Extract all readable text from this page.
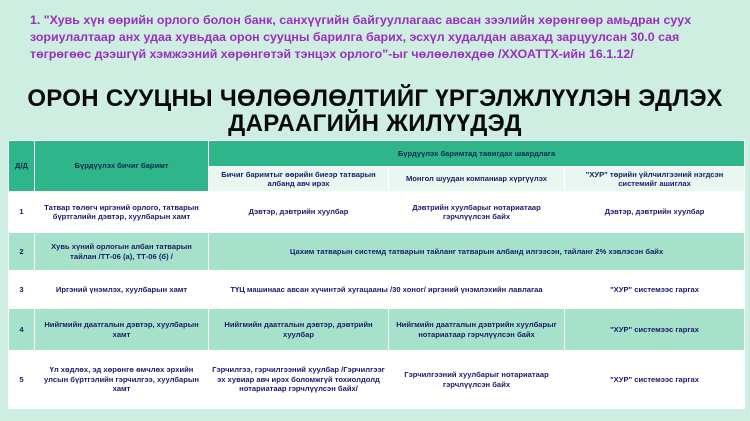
1. "Хувь хүн өөрийн орлого болон банк, санхүүгийн байгууллагаас авсан зээлийн хөрөнгөөр амьдран суух зориулалтаар анх удаа хувьдаа орон сууцны барилга барих, эсхүл худалдан авахад зарцуулсан 30.0 сая төгрөгөөс дээшгүй хэмжээний хөрөнгөтэй тэнцэх орлого"-ыг чөлөөлөхдөө /ХХОАТТХ-ийн 16.1.12/
ОРОН СУУЦНЫ ЧӨЛӨӨЛӨЛТИЙГ ҮРГЭЛЖЛҮҮЛЭН ЭДЛЭХ
ДАРААГИЙН ЖИЛҮҮДЭД
Д/Д	Бүрдүүлэх бичиг баримт	Бүрдүүлэх баримтад тавигдах шаардлага		
		Бичиг баримтыг өөрийн биеэр татварын албанд авч ирэх	Монгол шуудан компаниар хүргүүлэх	"ХУР" төрийн үйлчилгээний нэгдсэн системийг ашиглах
1	Татвар төлөгч иргэний орлого, татварын бүртгэлийн дэвтэр, хуулбарын хамт	Дэвтэр, дэвтрийн хуулбар	Дэвтрийн хуулбарыг нотариатаар гэрчлүүлсэн байх	Дэвтэр, дэвтрийн хуулбар
2	Хувь хүний орлогын албан татварын тайлан /ТТ-06 (а), ТТ-06 (б) /	Цахим татварын системд татварын тайланг татварын албанд илгээсэн, тайланг 2% хэвлэсэн байх		
3	Иргэний үнэмлэх, хуулбарын хамт	ТҮЦ машинаас авсан хүчинтэй хугацааны /30 хоног/ иргэний үнэмлэхийн лавлагаа		"ХУР" системээс гаргах
4	Нийгмийн даатгалын дэвтэр, хуулбарын хамт	Нийгмийн даатгалын дэвтэр, дэвтрийн хуулбар	Нийгмийн даатгалын дэвтрийн хуулбарыг нотариатаар гэрчлүүлсэн байх	"ХУР" системээс гаргах
5	Үл хөдлөх, эд хөрөнгө өмчлөх эрхийн улсын бүртгэлийн гэрчилгээ, хуулбарын хамт	Гэрчилгээ, гэрчилгээний хуулбар /Гэрчилгээг эх хувиар авч ирэх боломжгүй тохиолдолд нотариатаар гэрчлүүлсэн байх/	Гэрчилгээний хуулбарыг нотариатаар гэрчлүүлсэн байх	"ХУР" системээс гаргах
